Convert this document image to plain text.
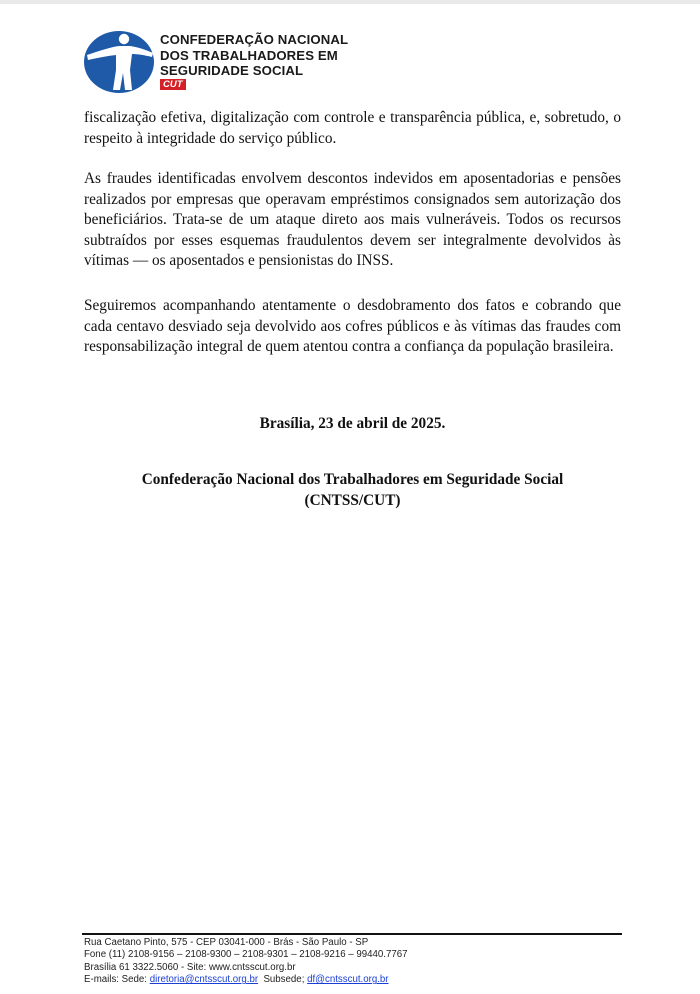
CONFEDERAÇÃO NACIONAL
DOS TRABALHADORES EM
SEGURIDADE SOCIAL
CUT

fiscalização efetiva, digitalização com controle e transparência pública, e, sobretudo, o respeito à integridade do serviço público.

As fraudes identificadas envolvem descontos indevidos em aposentadorias e pensões realizados por empresas que operavam empréstimos consignados sem autorização dos beneficiários. Trata-se de um ataque direto aos mais vulneráveis. Todos os recursos subtraídos por esses esquemas fraudulentos devem ser integralmente devolvidos às vítimas — os aposentados e pensionistas do INSS.

Seguiremos acompanhando atentamente o desdobramento dos fatos e cobrando que cada centavo desviado seja devolvido aos cofres públicos e às vítimas das fraudes com responsabilização integral de quem atentou contra a confiança da população brasileira.

Brasília, 23 de abril de 2025.
Confederação Nacional dos Trabalhadores em Seguridade Social
(CNTSS/CUT)
Rua Caetano Pinto, 575 - CEP 03041-000 - Brás - São Paulo - SP
Fone (11) 2108-9156 – 2108-9300 – 2108-9301 – 2108-9216 – 99440.7767
Brasília 61 3322.5060 - Site: www.cntsscut.org.br
E-mails: Sede: diretoria@cntsscut.org.br  Subsede; df@cntsscut.org.br
